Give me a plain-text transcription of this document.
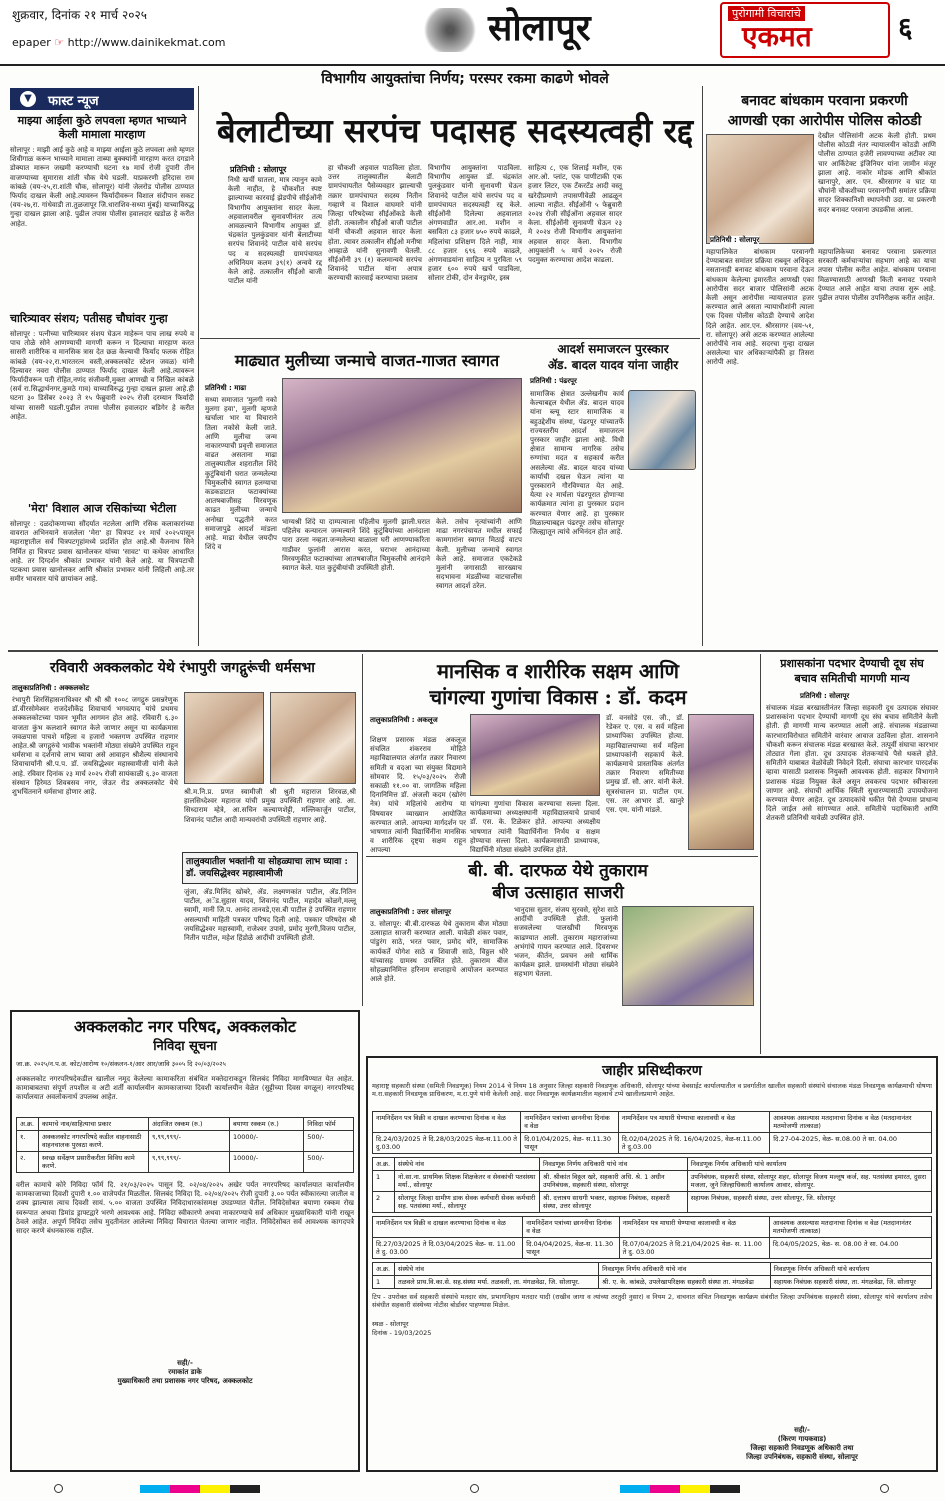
शुक्रवार, दिनांक २१ मार्च २०२५
epaper ☞ http://www.dainikekmat.com	सोलापूर	पुरोगामी विचारांचे
एकमत	६
▼	फास्ट न्यूज
माझ्या आईला कुठे लपवला म्हणत भाच्याने केली मामाला मारहाण
सोलापूर : माझी आई कुठे आहे व माझ्या आईला कुठे लपवला असे म्हणत शिवीगाळ करून भाच्याने मामाला ताब्या बुक्क्यांनी मारहाण करत दगडाने डोक्यात मारून जखमी करण्याची घटना १७ मार्च रोजी दुपारी तीन वाजण्याच्या सुमारास शांती चौक येथे घडली. याप्रकरणी हरिदास राम कांबळे (वय-२५,रा.शांती चौक, सोलापूर) यांनी जेलरोड पोलीस ठाण्यात फिर्याद दाखल केली आहे.त्यावरुन फिर्यादीवरून विशाल संदीपान सकट (वय-२७,रा. गांधेवाडी ता.तुळजापूर जि.धाराशिव-सध्या मुंबई) याच्याविरुद्ध गुन्हा दाखल झाला आहे. पुढील तपास पोलीस हवालदार खडोळ हे करीत आहेत.
चारित्र्यावर संशय; पतीसह चौघांवर गुन्हा
सोलापूर : पत्नीच्या चारित्र्यावर संशय घेऊन माहेरून पाच लाख रुपये व पाच तोळे सोने आणण्याची मागणी करून न दिल्याचा मारहाण करत सासरी शारीरिक व मानसिक त्रास देत छळ केल्याची फिर्याद फलक रोहित कांबळे (वय-२२,रा.भारतरत्न वस्ती,अक्कलकोट स्टेशन जवळ) यांनी दिल्यावर नवरा पोलीस ठाण्यात फिर्याद दाखल केली आहे.त्यावरून फिर्यादीवरून पती रोहित,नणंद संजीवनी,मुक्ता आणखी व निखिल कांबळे (सर्व रा.सिद्धार्थनगर,कुमठे गाव) याच्याविरुद्ध गुन्हा दाखल झाला आहे.ही घटना ३० डिसेंबर २०२३ ते १५ फेब्रुवारी २०२५ रोजी दरम्यान फिर्यादी यांच्या सासरी घडली.पुढील तपास पोलीस हवालदार बडिगेर हे करीत आहेत.
'मेरा' विशाल आज रसिकांच्या भेटीला
सोलापूर : दळदोकणाच्या सौंदर्यात नटलेला आणि रसिक कलाकारांच्या वावरात अभिनयाने सजलेला 'मेरा' हा चित्रपट २१ मार्च २०२५पासून महाराष्ट्रातील सर्व चित्रपटगृहांमध्ये प्रदर्शित होत आहे.श्री वैजनाथ सिने निर्मित हा चित्रपट प्रवास खानोलकर यांच्या 'सावट' या कथेवर आधारित आहे. तर दिग्दर्शन श्रीकांत प्रभाकर यांनी केले आहे. या चित्रपटाची पटकथा प्रवास खानोलकर आणि श्रीकांत प्रभाकर यांनी लिहिली आहे.तर समीर भावसार यांचे छायांकन आहे.
विभागीय आयुक्तांचा निर्णय; परस्पर रकमा काढणे भोवले
बेलाटीच्या सरपंच पदासह सदस्यत्वही रद्द
प्रतिनिधी : सोलापूर
निधी खर्ची घातला, मात्र त्यानुन कामे केली नाहीत, हे चौकशीत स्पष्ट झाल्याच्या कारवाई झेडपीचे सीईओंनी विभागीय आयुक्तांना सादर केला. अहवालावरील सुनावणीनंतर तत्य आवळल्याने विभागीय आयुक्त डॉ. चंद्रकांत पुलकुंडवार यांनी बेलाटीच्या सरपंच शिवानंदे पाटील यांचे सरपंच पद व सदस्यत्वही ग्रामपंचायत अधिनियम कलम ३९(१) अन्वये रद्द केले आहे. तत्कालीन सीईओ बाजी पाटील यांनी
हा चौकशी अहवाल पाठविला होता. उत्तर तालुक्यातील बेलाटी ग्रामपंचायतीत पैसेव्यवहार झाल्याची तक्रार ग्रामपंचायत सदस्य नितीन गव्हाणे व विशाल वाघमारे यांनी जिल्हा परिषदेच्या सीईओंकडे केली होती. तत्कालीन सीईओ बाजी पाटील यांनी चौकशी अहवाल सादर केला होता. त्यावर तत्कालीन सीईओ मनीषा आव्हाळे यांनी सुनावणी घेतली. सीईओंनी ३९ (१) कलमान्वये सरपंच शिवानंदे पाटील यांना अपात्र करण्याची कारवाई करण्याचा प्रस्ताव
विभागीय आयुक्तांना पाठविला. विभागीय आयुक्त डॉ. चंद्रकांत पुलकुंडवार यांनी सुनावणी घेऊन शिवानंदे पाटील यांचे सरपंच पद व ग्रामपंचायत सदस्यत्वही रद्द केले. सीईओंनी दिलेल्या अहवालात अंगणवाडीत आर.आ. मशीन न बसविता ८३ हजार ७५० रुपये काढले, महिलांचा प्रशिक्षण दिले नाही, मात्र ८८ हजार ६९६ रुपये काढले, अंगणवाडयांना साहित्य न पुरविता ५९ हजार ६०० रुपये खर्च पाडविला, सोलार टोकी, दोन वेनड्रायेर, इस्त्र
साहित्य ८, एक शिलाई मशीन, एक आर.ओ. प्लांट, एक पाणीटाकी एक हजार लिटर, एक टॅंकरटॅंड आदी वस्तू खरेदीप्रमाणे तपासणीवेळी आढळून आल्या नाहीत. सीईओंनी ५ फेब्रुवारी २०२४ रोजी सीईओंना अहवाल सादर केला. सीईओंनी सुनावणी घेऊन २३ मे २०२४ रोजी विभागीय आयुक्तांना अहवाल सादर केला. विभागीय आयुक्तांनी ५ मार्च २०२५ रोजी पदमुक्त करण्याचा आदेश काढला.
बनावट बांधकाम परवाना प्रकरणी
आणखी एका आरोपीस पोलिस कोठडी
प्रतिनिधी : सोलापूर
देखील पोलिसांनी अटक केली होती. प्रथम पोलीस कोठडी नंतर न्यायालयीन कोठडी आणि पोलीस ठाण्यात हजेरी लावण्याच्या अटीवर त्या चार आर्किटेक्ट इंजिनियर यांना जामीन मंजूर झाला आहे. नाकोर मोडक आणि श्रीकांत खानापुरे, आर. एन. श्रीरसागर व घाट या चौघांनी चौकशीच्या परवानगीची समांतर प्रक्रिया सादर शिक्कानिशी स्थापनेची उदा. या प्रकरणी सदर बनावट परवाना उघडकीस आला.
महापालिकेत बांधकाम परवानगी देण्याबाबत समांतर प्रक्रिया राबवून अधिकृत नसतानाही बनावट बांधकाम परवाना देऊन बांधकाम केलेल्या इमारतीत आणखी एका आरोपीस सदर बाजार पोलिसांनी अटक केली असून आरोपीस न्यायालयात हजर करण्यात आले असता न्यायाधीशांनी त्याला एक दिवस पोलीस कोठडी देण्याचे आदेश दिले आहेत. आर.एन. श्रीरसागर (वय-५१, रा. सोलापूर) असे अटक करण्यात आलेल्या आरोपींचे नाव आहे. सदरचा गुन्हा दाखल असलेल्या चार अधिकाऱ्यांपैकी हा तिसरा आरोपी आहे.
महापालिकेच्या बनावट परवाना प्रकरणात सरकारी कर्मचाऱ्यांचा सहभाग आहे का याचा तपास पोलीस करीत आहेत. बांधकाम परवाना मिळण्यासाठी आणखी किती बनावट परवाने देण्यात आले आहेत याचा तपास सुरू आहे. पुढील तपास पोलीस उपनिरीक्षक करीत आहेत.
माढ्यात मुलीच्या जन्माचे वाजत-गाजत स्वागत
प्रतिनिधी : माढा
सध्या समाजात 'मुलगी नको मुलगा हवा', मुलगी म्हणजे खर्चाला भार या विचाराने तिला नकोसे केली जाते. आणि मुलीचा जन्म नाकारण्याची प्रवृत्ती समाजात वाढत असताना माढा तालुक्यातील शहरातील शिंदे कुटुंबियांनी घरात जन्मलेल्या चिमुकलीचे स्वागत हलग्याचा कडकडाटात फटाक्यांच्या आतषबाजीसह मिरवणूक काढत मुलीच्या जन्माचे अनोखा पद्धतीने करत समाजापुढे आदर्श मांडला आहे. माढा येथील जयदीप शिंदे व
भाग्यश्री शिंदे या दाम्पत्याला पहिलीच मुलगी झाली.घरात पहिलेच कन्यारत्न जन्मल्याने शिंदे कुटुंबियांच्या आनंदाला पारा उरला नव्हता.जन्मलेल्या बाळाला घरी आणण्याकरिता गाडीवर फुलांनी आरास करत, घराभर आनंदाच्या मिरवणुकीत फटाक्यांच्या आतषबाजीत चिमुकलीचे आनंदाने स्वागत केले. यात कुटुंबीयांची उपस्थिती होती.
केले. तसेच नृत्यांच्यांनी आणि माढा नगरपंचायत मधील सफाई कामगारांना स्वागत मिठाई वाटप केली. मुलीच्या जन्माचे स्वागत केले आहे. समाजात एकटेकडे मुलांनी जगासाठी सारख्याच सदभावना मंडळींच्या वाटचालीस स्वागत आदर्श ठरेल.
आदर्श समाजरत्न पुरस्कार
ॲड. बादल यादव यांना जाहीर
प्रतिनिधी : पंढरपूर
सामाजिक क्षेत्रात उल्लेखनीय कार्य केल्याबद्दल येथील ॲड. बादल यादव यांना ब्ल्यू स्टार सामाजिक व बहुउद्देशीय संस्था, पंढरपूर यांच्यातर्फे राज्यस्तरीय आदर्श समाजरत्न पुरस्कार जाहीर झाला आहे. विधी क्षेत्रात सामान्य नागरिक तसेच रुग्णांचा मदत व सहकार्य करीत असलेल्या ॲड. बादल यादव यांच्या कार्याची दखल घेऊन त्यांना या पुरस्काराने गौरविण्यात येत आहे. येत्या २२ मार्चला पंढरपूरात होणाऱ्या कार्यक्रमात त्यांना हा पुरस्कार प्रदान करण्यात येणार आहे. हा पुरस्कार मिळाल्याबद्दल पंढरपूर तसेच सोलापूर जिल्ह्यातून त्यांचे अभिनंदन होत आहे.
रविवारी अक्कलकोट येथे रंभापुरी जगद्गुरूंची धर्मसभा
तालुकाप्रतिनिधी : अक्कलकोट
रंभापुरी शिरसिंहासनाधिश्वर श्री श्री श्री १००८ जगद्गुरु प्रसन्नरेणुक डॉ.वीरसोमेश्वर राजदेशीकेंद्र शिवाचार्य भगवत्पाद यांचे प्रथमच अक्कलकोटच्या पावन भूमीत आगमन होत आहे. रविवारी ६.३० वाजता कुंभ कलशाने स्वागत केले जाणार असून या कार्यक्रमास जवळपास पाचशे महिला व हजारो भक्तगण उपस्थित राहणार आहेत.श्री जगद्गुरुंचे भावीक भक्तांनी मोठ्या संख्येने उपस्थित राहून धर्मसभा व दर्शनाचे लाभ घ्यावा असे आवाहन श्रीशैल्य संस्थानाचे शिवाचार्यांनी श्री.प.प. डॉ. जयसिद्धेश्वर महास्वामीजी यांनी केले आहे. रविवार दिनांक २३ मार्च २०२५ रोजी सायंकाळी ६.३० वाजता संस्थान हिरेमठ शिवबसव नगर, जेऊर रोड अक्कलकोट येथे शुभचिंतनाने धर्मसभा होणार आहे.	श्री.म.नि.प्र. प्रणत स्वामीजी श्री श्रुती महाराज शिरवळ,श्री हालसिध्देश्वर महाराज यांची प्रमुख उपस्थिती राहणार आहे. आ. सिध्दाराम म्हेत्रे, आ.सचिन कल्याणशेट्टी, मल्लिकार्जुन पाटील, शिवानंद पाटील आदी मान्यवरांची उपस्थिती राहणार आहे.
तालुक्यातील भक्तांनी या सोहळ्याचा लाभ घ्यावा : डॉ. जयसिद्धेश्वर महास्वामीजी
जुंजा, ॲड.मिलिंद खोबरे, ॲड. लक्ष्मणकांत पाटील, ॲड.नितिन पाटील, अॅड.सुहास यादव, शिवानंद पाटील, महादेव कोळगे,मल्लू स्वामी, मानी जि.प. आनंद तानवडे,एस.बी पाटील हे उपस्थित राहणार असल्याची माहिती पत्रकार परिषद दिली आहे. पत्रकार परिषदेस श्री जयसिद्धेश्वर महास्वामी, राजेश्वर उपासे, प्रमोद मुरगी,विजय पाटील, नितीन पाटील, महेश हिंडोळे आदींची उपस्थिती होती.
मानसिक व शारीरिक सक्षम आणि
चांगल्या गुणांचा विकास : डॉ. कदम
तालुकाप्रतिनिधी : अकलूज
शिक्षण प्रसारक मंडळ अकलूज संचलित शंकरराव मोहिते महाविद्यालयात अंतर्गत तक्रार निवारण समिती व वदआ च्या संयुक्त विद्यमाने सोमवार दि. १५/०३/२०२५ रोजी सकाळी ११.०० वा. जागतिक महिला दिनानिमित्त डॉ. अंजली कदम (खोरंग नेत्र) यांचे महिलांचे आरोग्य या विषयावर व्याख्यान आयोजित करण्यात आले. आपल्या मार्गदर्शन पर भाषणात त्यांनी विद्यार्थिनींना मानसिक व शारीरिक दृष्ट्या सक्षम राहून आपल्या
चांगल्या गुणांचा विकास करण्याचा सल्ला दिला. कार्यक्रमाच्या अध्यक्षस्थानी महाविद्यालयाचे प्राचार्य डॉ. एस. के. टिळेकर होते. आपल्या अध्यक्षीय भाषणात त्यांनी विद्यार्थिनींना निर्भय व सक्षम होण्याचा सल्ला दिला. कार्यक्रमासाठी प्राध्यापक, विद्यार्थिनी मोठ्या संख्येने उपस्थित होते.
डॉ. वनसोडे एस. जी., डॉ. रेडेकर ए. एस. व सर्व महिला प्राध्यापिका उपस्थित होत्या. महाविद्यालयाच्या सर्व महिला प्राध्यापकांनी सहकार्य केले. कार्यक्रमाचे प्रास्ताविक अंतर्गत तक्रार निवारण समितीच्या प्रमुख डॉ. सौ. आर. यांनी केले. सूत्रसंचालन प्रा. पाटील एम. एस. तर आभार डॉ. खानुरे एस. एम. यांनी मांडले.
बी. बी. दारफळ येथे तुकाराम
बीज उत्साहात साजरी
तालुकाप्रतिनिधी : उत्तर सोलापूर
उ. सोलापूर: बी.बी.दारफळ येथे तुकाराम बीज मोठ्या उत्साहात साजरी करण्यात आली. यावेळी शंकर पवार, पांडुरंग साठे, भरत पवार, प्रमोद थोरे, सामाजिक कार्यकर्ते योगेश साठे व शिवाजी साठे, विठ्ठल थोरे यांच्यासह ग्रामस्थ उपस्थित होते. तुकाराम बीज सोहळ्यानिमित्त हरिनाम सप्ताहाचे आयोजन करण्यात आले होते.
भानुदास सुतार, संजय सुरवसे, सुरेश साठे आदींची उपस्थिती होती. फुलांनी सजवलेल्या पालखीची मिरवणूक काढण्यात आली. तुकाराम महाराजांच्या अभंगांचे गायन करण्यात आले. दिवसभर भजन, कीर्तन, प्रवचन असे धार्मिक कार्यक्रम झाले. ग्रामस्थांनी मोठ्या संख्येने सहभाग घेतला.
प्रशासकांना पदभार देण्याची दूध संघ
बचाव समितीची मागणी मान्य
प्रतिनिधी : सोलापूर
संचालक मंडळ बरखास्तीनंतर जिल्हा सहकारी दूध उत्पादक संघावर प्रशासकांना पदभार देण्याची मागणी दूध संघ बचाव समितीने केली होती. ही मागणी मान्य करण्यात आली आहे. संचालक मंडळाच्या कारभाराविरोधात समितीने वारंवार आवाज उठविला होता. शासनाने चौकशी करून संचालक मंडळ बरखास्त केले. तत्पूर्वी संघाचा कारभार तोट्यात गेला होता. दूध उत्पादक शेतकऱ्यांचे पैसे थकले होते. समितीने याबाबत वेळोवेळी निवेदने दिली. संघाचा कारभार पारदर्शक व्हावा यासाठी प्रशासक नियुक्ती आवश्यक होती. सहकार विभागाने प्रशासक मंडळ नियुक्त केले असून लवकरच पदभार स्वीकारला जाणार आहे. संघाची आर्थिक स्थिती सुधारण्यासाठी उपाययोजना करण्यात येणार आहेत. दूध उत्पादकांचे थकीत पैसे देण्यास प्राधान्य दिले जाईल असे सांगण्यात आले. समितीचे पदाधिकारी आणि शेतकरी प्रतिनिधी यावेळी उपस्थित होते.
अक्कलकोट नगर परिषद, अक्कलकोट
निविदा सूचना
जा.क्र. २०२५/न.प.अ. कोट/आरोग्य १०/संकलन-१/आर आर/जावि ३००५ दि २०/०३/२०२५
अक्कलकोट नगरपरिषदेकडील खालील नमूद केलेल्या कामाकरिता संबंधित मक्तेदाराकडून सिलबंद निविदा मागविण्यात येत आहेत. कामाबाबतचा संपूर्ण तपशील व अटी शर्ती कार्यालयीन कामकाजाच्या दिवशी कार्यालयीन वेळेत (सुट्टीच्या दिवस वगळून) नगरपरिषद कार्यालयात अवलोकनार्थ उपलब्ध आहेत.
अ.क्र.	कामाचे नाव/साहित्याचा प्रकार	अंदाजित रक्कम (रु.)	बयाणा रक्कम (रु.)	निविदा फॉर्म
१.	अक्कलकोट नगरपरिषदे कडील वाहनासाठी वाहनचालक पुरवठा करणे.	९,९९,९९९/-	10000/-	500/-
२.	स्वच्छ सर्वेक्षण प्रसारीकरीता विविध कामे करणे.	९,९९,९९९/-	10000/-	500/-
वरील कामाचे कोरे निविदा फॉर्म दि. २१/०३/२०२५ पासून दि. ०२/०४/२०२५ अखेर पर्यंत नगरपरिषद कार्यालयात कार्यालयीन कामकाजाच्या दिवशी दुपारी १.०० वाजेपर्यंत मिळतील. सिलबंद निविदा दि. ०२/०४/२०२५ रोजी दुपारी ३.०० पर्यंत स्वीकारल्या जातील व शक्य झाल्यास त्याच दिवशी सायं. ५.०० वाजता उपस्थित निविदाधारकांसमक्ष उघडण्यात येतील. निविदेसोबत बयाणा रक्कम रोख स्वरूपात अथवा डिमांड ड्राफ्टद्वारे भरणे आवश्यक आहे. निविदा स्वीकारणे अथवा नाकारण्याचे सर्व अधिकार मुख्याधिकारी यांनी राखून ठेवले आहेत. अपूर्ण निविदा तसेच मुदतीनंतर आलेल्या निविदा विचारात घेतल्या जाणार नाहीत. निविदेसोबत सर्व आवश्यक कागदपत्रे सादर करणे बंधनकारक राहील.
सही/-
रमाकांत डाके
मुख्याधिकारी तथा प्रशासक नगर परिषद, अक्कलकोट
जाहीर प्रसिध्दीकरण
महाराष्ट्र सहकारी संस्था (समिती निवडणूक) नियम 2014 चे नियम 18 अनुसार जिल्हा सहकारी निवडणूक अधिकारी, सोलापूर यांच्या वेबसाईट कार्यालयातील व प्रवर्गातील खालील सहकारी संस्थांचे संचालक मंडळ निवडणूक कार्यक्रमाची घोषणा म.रा.सहकारी निवडणूक प्राधिकरण, म.रा.पुणे यांनी केलेली आहे. सदर निवडणूक कार्यक्रमातील महत्वाचे टप्पे खालीलप्रमाणे आहेत.
नामनिर्देशन पत्र विक्री व दाखल करण्याचा दिनांक व वेळ	नामनिर्देशन पत्रांच्या छाननीचा दिनांक व वेळ	नामनिर्देशन पत्र माघारी घेण्याचा कालावधी व वेळ	आवश्यक असल्यास मतदानाचा दिनांक व वेळ (मतदानानंतर मतमोजणी तात्काळ)
दि.24/03/2025 ते दि.28/03/2025 वेळ-स.11.00 ते दु.03.00	दि.01/04/2025, वेळ- स.11.30 पासून	दि.02/04/2025 ते दि. 16/04/2025, वेळ-स.11.00 ते दु.03.00	दि.27-04-2025, वेळ- स.08.00 ते सा. 04.00
अ.क्र.	संस्थेचे नांव	निवडणूक निर्णय अधिकारी यांचे नांव	निवडणूक निर्णय अधिकारी यांचे कार्यालय
1	नो.सा.ना. प्राथमिक शिक्षक शिक्षकेतर व सेवकांची पतसंस्था मर्या., सोलापूर	श्री. श्रीकांत विठ्ठल खरे, सहकारी अधि. श्रे. 1 अधीन उपनिबंधक, सहकारी संस्था, सोलापूर	उपनिबंधक, सहकारी संस्था, सोलापूर शहर, सोलापूर विजय मल्लूष कर्ज, सह. पतसंस्था इमारत, दुसरा मजला, जुने जिल्हाधिकारी कार्यालय आवार, सोलापूर.
2	सोलापूर जिल्हा ग्रामीण डाक सेवक कर्मचारी सेवक कर्मचारी सह. पतसंस्था मर्या., सोलापूर	श्री. दत्तात्रय साधगी भक्तर, सहायक निबंधक, सहकारी संस्था, उत्तर सोलापूर	सहायक निबंधक, सहकारी संस्था, उत्तर सोलापूर, जि. सोलापूर
नामनिर्देशन पत्र विक्री व दाखल करण्याचा दिनांक व वेळ	नामनिर्देशन पत्रांच्या छाननीचा दिनांक व वेळ	नामनिर्देशन पत्र माघारी घेण्याचा कालावधी व वेळ	आवश्यक असल्यास मतदानाचा दिनांक व वेळ (मतदानानंतर मतमोजणी तात्काळ)
दि.27/03/2025 ते दि.03/04/2025 वेळ- स. 11.00 ते दु. 03.00	दि.04/04/2025, वेळ-स. 11.30 पासून	दि.07/04/2025 ते दि.21/04/2025 वेळ- स. 11.00 ते दु. 03.00	दि.04/05/2025, वेळ- स. 08.00 ते सा. 04.00
अ.क्र.	संस्थेचे नांव	निवडणूक निर्णय अधिकारी यांचे नांव	निवडणूक निर्णय अधिकारी यांचे कार्यालय
1	तळवले प्राथ.वि.का.से. सह.संस्था मर्या. तळवली, ता. मंगळवेढा, जि. सोलापूर.	श्री. ए. के. कांबळे, उपलेखापरिक्षक सहकारी संस्था ता. मंगळवेढा	सहायक निबंधक सहकारी संस्था, ता. मंगळवेढा, जि. सोलापूर
टिप - उपरोक्त सर्व सहकारी संस्थांचे मतदार संघ, प्रभागनिहाय मतदार यादी (राखीव जागा व त्यांच्या तरतुदी नुसार) व नियम 2, वाचनात संचित निवडणूक कार्यक्रम संबंधीत जिल्हा उपनिबंधक सहकारी संस्था, सोलापूर यांचे कार्यालय तसेच संबंधीत सहकारी संस्थेच्या नोटीस बोर्डावर पाहण्यास मिळेल.
स्थळ - सोलापूर
दिनांक - 19/03/2025
सही/-
(किरण गायकवाड)
जिल्हा सहकारी निवडणूक अधिकारी तथा
जिल्हा उपनिबंधक, सहकारी संस्था, सोलापूर
